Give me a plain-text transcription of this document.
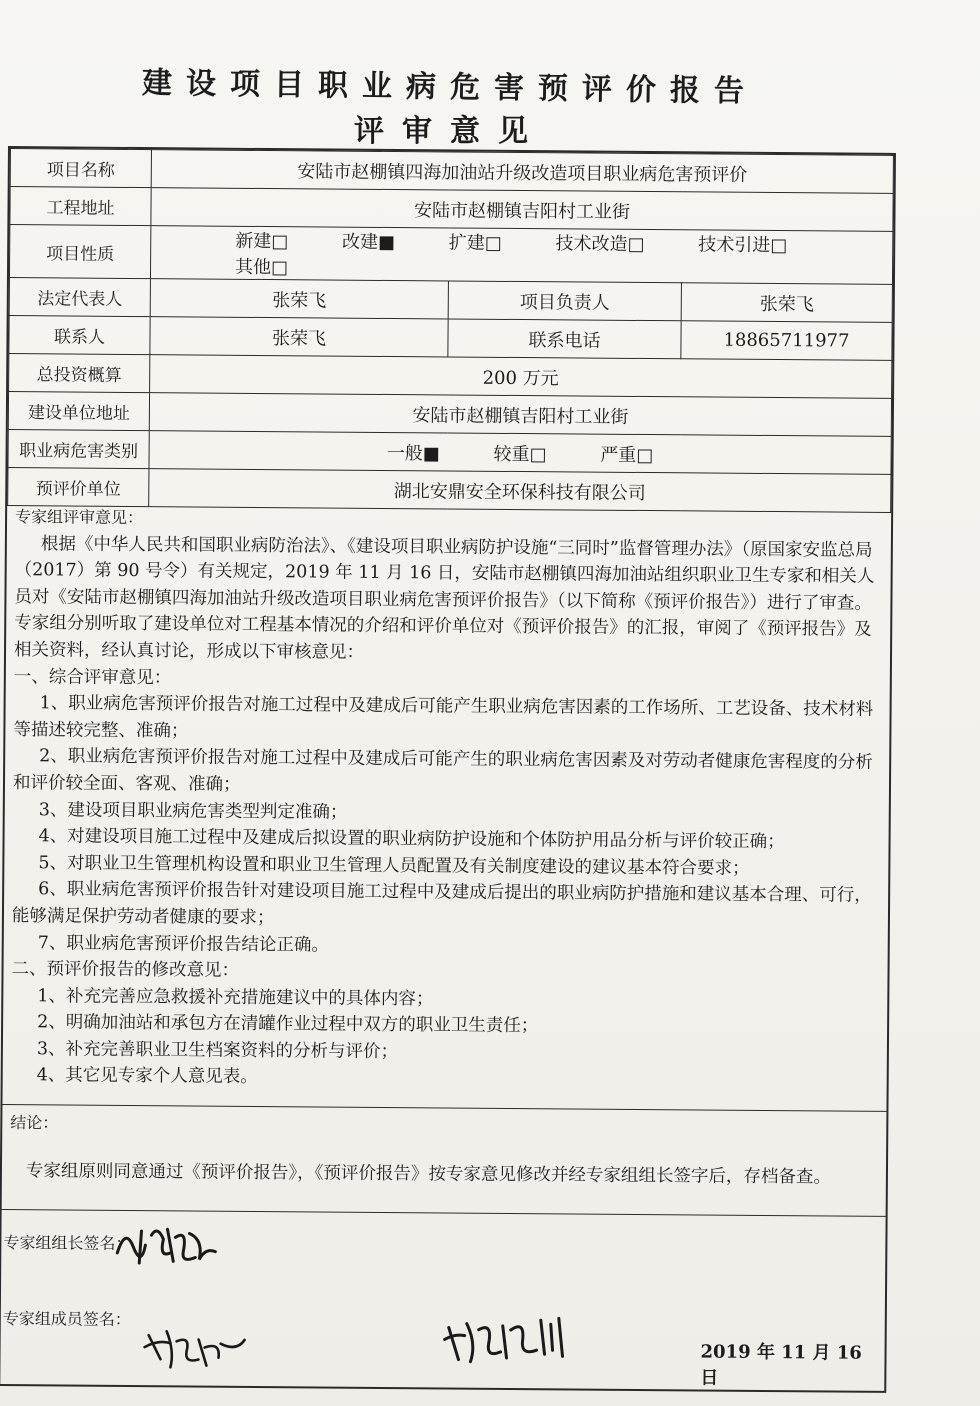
建设项目职业病危害预评价报告
评审意见
项目名称	安陆市赵棚镇四海加油站升级改造项目职业病危害预评价		
工程地址	安陆市赵棚镇吉阳村工业街		
项目性质	新建□ 改建■ 扩建□ 技术改造□ 技术引进□ 其他□		
法定代表人	张荣飞	项目负责人	张荣飞
联系人	张荣飞	联系电话	18865711977
总投资概算	200 万元		
建设单位地址	安陆市赵棚镇吉阳村工业街		
职业病危害类别	一般■ 较重□ 严重□		
预评价单位	湖北安鼎安全环保科技有限公司		

专家组评审意见：

根据《中华人民共和国职业病防治法》、《建设项目职业病防护设施“三同时”监督管理办法》（原国家安监总局（2017）第 90 号令）有关规定，2019 年 11 月 16 日，安陆市赵棚镇四海加油站组织职业卫生专家和相关人员对《安陆市赵棚镇四海加油站升级改造项目职业病危害预评价报告》（以下简称《预评价报告》）进行了审查。专家组分别听取了建设单位对工程基本情况的介绍和评价单位对《预评价报告》的汇报，审阅了《预评报告》及相关资料，经认真讨论，形成以下审核意见：

一、综合评审意见：

1、职业病危害预评价报告对施工过程中及建成后可能产生职业病危害因素的工作场所、工艺设备、技术材料等描述较完整、准确；

2、职业病危害预评价报告对施工过程中及建成后可能产生的职业病危害因素及对劳动者健康危害程度的分析和评价较全面、客观、准确；

3、建设项目职业病危害类型判定准确；

4、对建设项目施工过程中及建成后拟设置的职业病防护设施和个体防护用品分析与评价较正确；

5、对职业卫生管理机构设置和职业卫生管理人员配置及有关制度建设的建议基本符合要求；

6、职业病危害预评价报告针对建设项目施工过程中及建成后提出的职业病防护措施和建议基本合理、可行，能够满足保护劳动者健康的要求；

7、职业病危害预评价报告结论正确。

二、预评价报告的修改意见：

1、补充完善应急救援补充措施建议中的具体内容；

2、明确加油站和承包方在清罐作业过程中双方的职业卫生责任；

3、补充完善职业卫生档案资料的分析与评价；

4、其它见专家个人意见表。

结论：
专家组原则同意通过《预评价报告》，《预评价报告》按专家意见修改并经专家组组长签字后，存档备查。
专家组组长签名：
专家组成员签名：
2019 年 11 月 16 日
